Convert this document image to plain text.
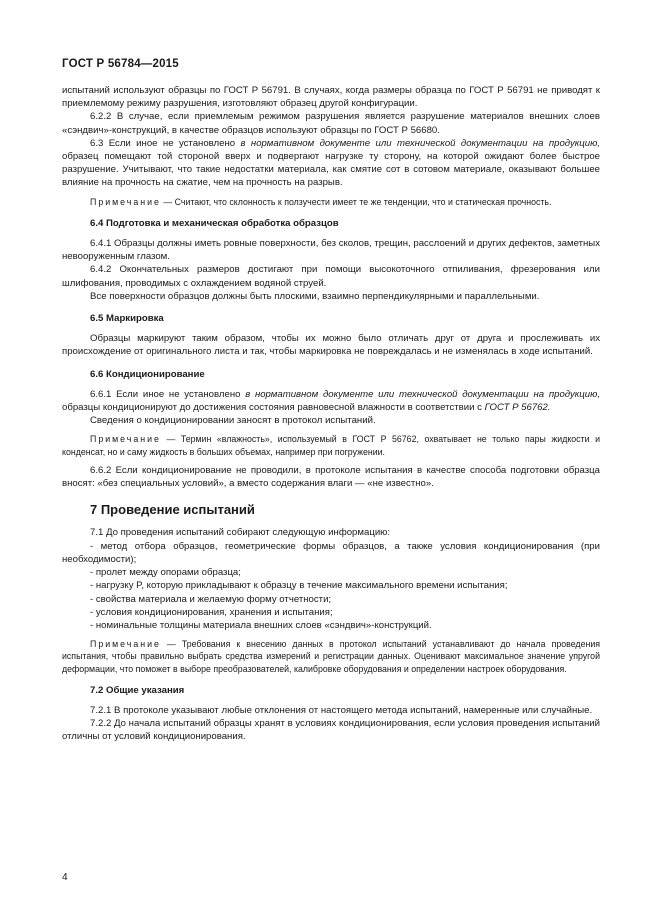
ГОСТ Р 56784—2015

испытаний используют образцы по ГОСТ Р 56791. В случаях, когда размеры образца по ГОСТ Р 56791 не приводят к приемлемому режиму разрушения, изготовляют образец другой конфигурации.

6.2.2 В случае, если приемлемым режимом разрушения является разрушение материалов внешних слоев «сэндвич»-конструкций, в качестве образцов используют образцы по ГОСТ Р 56680.

6.3 Если иное не установлено в нормативном документе или технической документации на продукцию, образец помещают той стороной вверх и подвергают нагрузке ту сторону, на которой ожидают более быстрое разрушение. Учитывают, что такие недостатки материала, как смятие сот в сотовом материале, оказывают большее влияние на прочность на сжатие, чем на прочность на разрыв.

Примечание — Считают, что склонность к ползучести имеет те же тенденции, что и статическая прочность.

6.4 Подготовка и механическая обработка образцов

6.4.1 Образцы должны иметь ровные поверхности, без сколов, трещин, расслоений и других дефектов, заметных невооруженным глазом.

6.4.2 Окончательных размеров достигают при помощи высокоточного отпиливания, фрезерования или шлифования, проводимых с охлаждением водяной струей.

Все поверхности образцов должны быть плоскими, взаимно перпендикулярными и параллельными.

6.5 Маркировка

Образцы маркируют таким образом, чтобы их можно было отличать друг от друга и прослеживать их происхождение от оригинального листа и так, чтобы маркировка не повреждалась и не изменялась в ходе испытаний.

6.6 Кондиционирование

6.6.1 Если иное не установлено в нормативном документе или технической документации на продукцию, образцы кондиционируют до достижения состояния равновесной влажности в соответствии с ГОСТ Р 56762.

Сведения о кондиционировании заносят в протокол испытаний.

Примечание — Термин «влажность», используемый в ГОСТ Р 56762, охватывает не только пары жидкости и конденсат, но и саму жидкость в больших объемах, например при погружении.

6.6.2 Если кондиционирование не проводили, в протоколе испытания в качестве способа подготовки образца вносят: «без специальных условий», а вместо содержания влаги — «не известно».

7 Проведение испытаний

7.1 До проведения испытаний собирают следующую информацию:

- метод отбора образцов, геометрические формы образцов, а также условия кондиционирования (при необходимости);

- пролет между опорами образца;

- нагрузку P, которую прикладывают к образцу в течение максимального времени испытания;

- свойства материала и желаемую форму отчетности;

- условия кондиционирования, хранения и испытания;

- номинальные толщины материала внешних слоев «сэндвич»-конструкций.

Примечание — Требования к внесению данных в протокол испытаний устанавливают до начала проведения испытания, чтобы правильно выбрать средства измерений и регистрации данных. Оценивают максимальное значение упругой деформации, что поможет в выборе преобразователей, калибровке оборудования и определении настроек оборудования.

7.2 Общие указания

7.2.1 В протоколе указывают любые отклонения от настоящего метода испытаний, намеренные или случайные.

7.2.2 До начала испытаний образцы хранят в условиях кондиционирования, если условия проведения испытаний отличны от условий кондиционирования.

4
